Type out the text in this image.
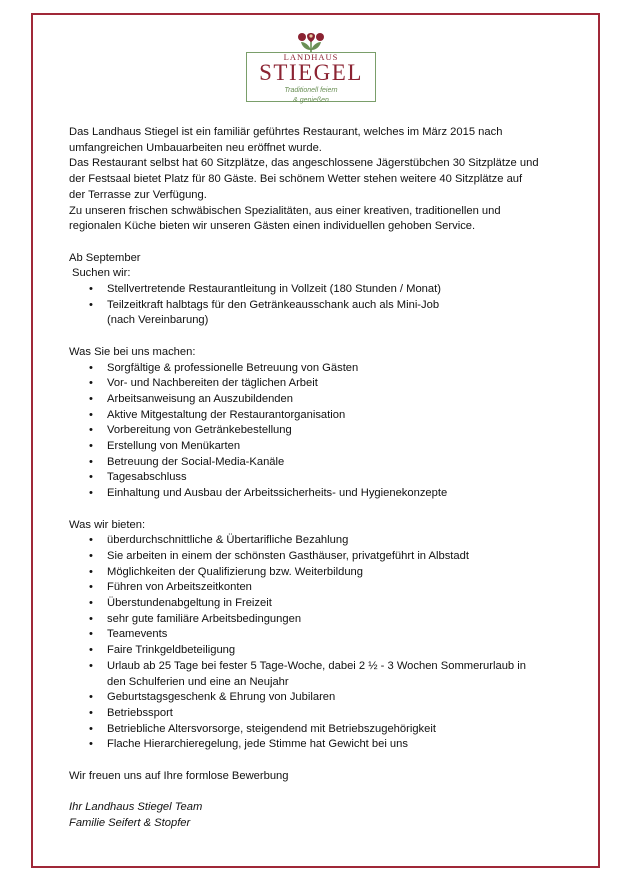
LANDHAUS
STIEGEL
Traditionell feiern
& genießen

Das Landhaus Stiegel ist ein familiär geführtes Restaurant, welches im März 2015 nach

umfangreichen Umbauarbeiten neu eröffnet wurde.

Das Restaurant selbst hat 60 Sitzplätze, das angeschlossene Jägerstübchen 30 Sitzplätze und

der Festsaal bietet Platz für 80 Gäste. Bei schönem Wetter stehen weitere 40 Sitzplätze auf

der Terrasse zur Verfügung.

Zu unseren frischen schwäbischen Spezialitäten, aus einer kreativen, traditionellen und

regionalen Küche bieten wir unseren Gästen einen individuellen gehoben Service.

Ab September

Suchen wir:

• Stellvertretende Restaurantleitung in Vollzeit (180 Stunden / Monat)
• Teilzeitkraft halbtags für den Getränkeausschank auch als Mini-Job

(nach Vereinbarung)

Was Sie bei uns machen:

• Sorgfältige & professionelle Betreuung von Gästen
• Vor- und Nachbereiten der täglichen Arbeit
• Arbeitsanweisung an Auszubildenden
• Aktive Mitgestaltung der Restaurantorganisation
• Vorbereitung von Getränkebestellung
• Erstellung von Menükarten
• Betreuung der Social-Media-Kanäle
• Tagesabschluss
• Einhaltung und Ausbau der Arbeitssicherheits- und Hygienekonzepte

Was wir bieten:

• überdurchschnittliche & Übertarifliche Bezahlung
• Sie arbeiten in einem der schönsten Gasthäuser, privatgeführt in Albstadt
• Möglichkeiten der Qualifizierung bzw. Weiterbildung
• Führen von Arbeitszeitkonten
• Überstundenabgeltung in Freizeit
• sehr gute familiäre Arbeitsbedingungen
• Teamevents
• Faire Trinkgeldbeteiligung
• Urlaub ab 25 Tage bei fester 5 Tage-Woche, dabei 2 ½ - 3 Wochen Sommerurlaub in

den Schulferien und eine an Neujahr

• Geburtstagsgeschenk & Ehrung von Jubilaren
• Betriebssport
• Betriebliche Altersvorsorge, steigendend mit Betriebszugehörigkeit
• Flache Hierarchieregelung, jede Stimme hat Gewicht bei uns

Wir freuen uns auf Ihre formlose Bewerbung

Ihr Landhaus Stiegel Team

Familie Seifert & Stopfer
